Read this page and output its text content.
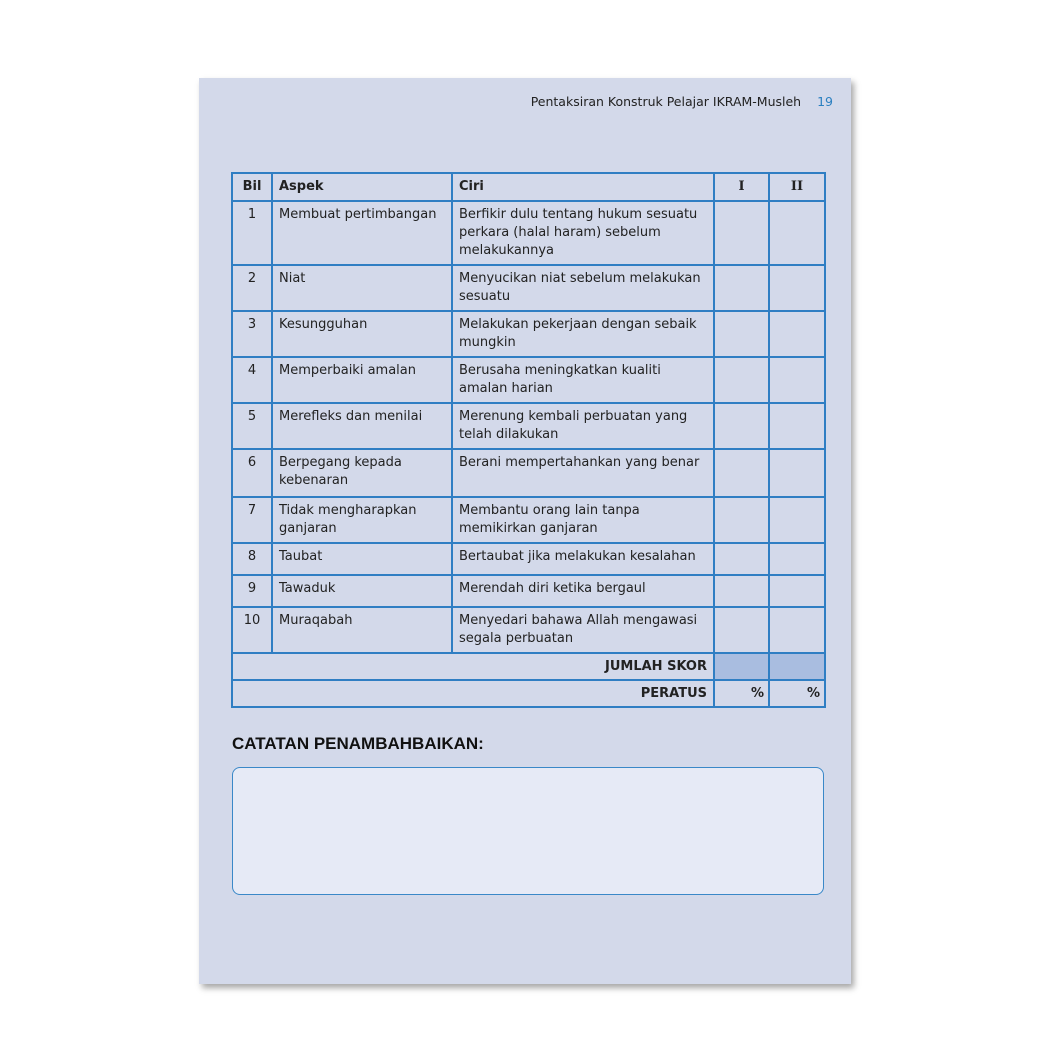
Pentaksiran Konstruk Pelajar IKRAM-Musleh 19
Bil	Aspek	Ciri	I	II
1	Membuat pertimbangan	Berfikir dulu tentang hukum sesuatu perkara (halal haram) sebelum melakukannya		
2	Niat	Menyucikan niat sebelum melakukan sesuatu		
3	Kesungguhan	Melakukan pekerjaan dengan sebaik mungkin		
4	Memperbaiki amalan	Berusaha meningkatkan kualiti amalan harian		
5	Merefleks dan menilai	Merenung kembali perbuatan yang telah dilakukan		
6	Berpegang kepada kebenaran	Berani mempertahankan yang benar		
7	Tidak mengharapkan ganjaran	Membantu orang lain tanpa memikirkan ganjaran		
8	Taubat	Bertaubat jika melakukan kesalahan		
9	Tawaduk	Merendah diri ketika bergaul		
10	Muraqabah	Menyedari bahawa Allah mengawasi segala perbuatan		
JUMLAH SKOR				
PERATUS			%	%
CATATAN PENAMBAHBAIKAN:
